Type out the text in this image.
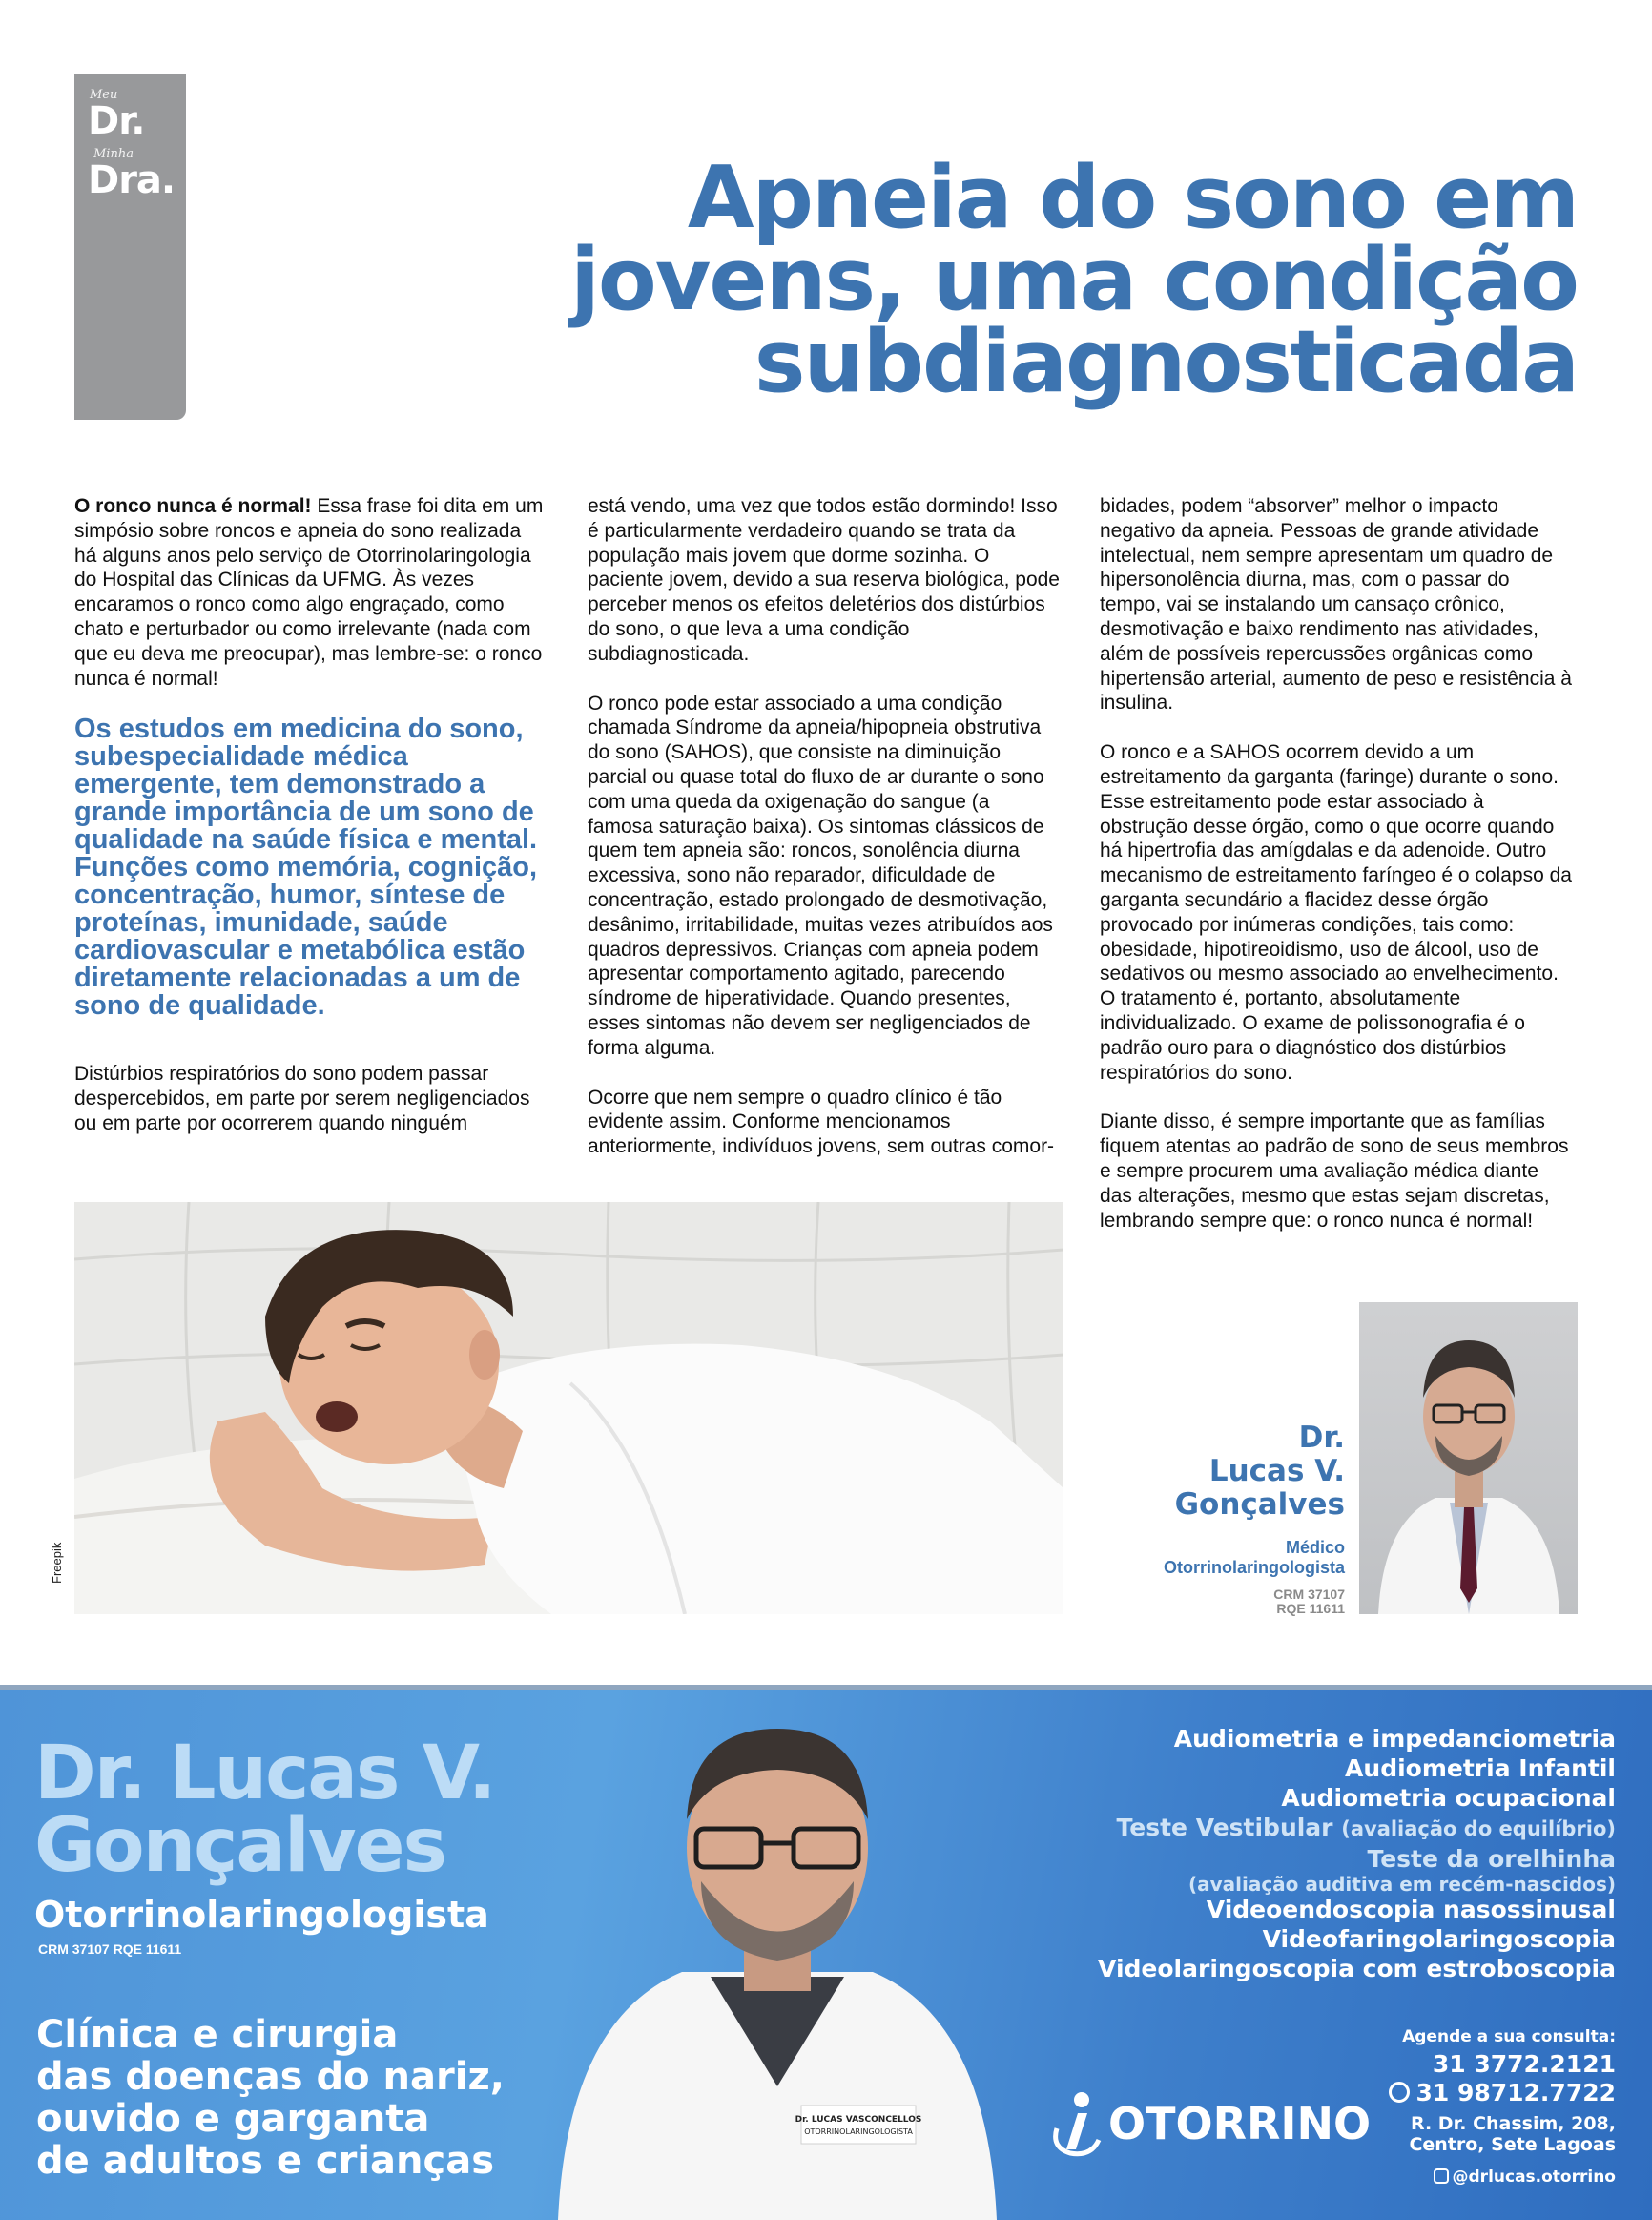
Meu
Dr.
Minha
Dra.	Apneia do sono em
jovens, uma condição
subdiagnosticada

O ronco nunca é normal! Essa frase foi dita em um simpósio sobre roncos e apneia do sono realizada há alguns anos pelo serviço de Otorrinolaringologia do Hospital das Clínicas da UFMG. Às vezes encaramos o ronco como algo engraçado, como chato e perturbador ou como irrelevante (nada com que eu deva me preocupar), mas lembre-se: o ronco nunca é normal!

Os estudos em medicina do sono, subespecialidade médica emergente, tem demonstrado a grande importância de um sono de qualidade na saúde física e mental. Funções como memória, cognição, concentração, humor, síntese de proteínas, imunidade, saúde cardiovascular e metabólica estão diretamente relacionadas a um de sono de qualidade.

Distúrbios respiratórios do sono podem passar despercebidos, em parte por serem negligenciados ou em parte por ocorrerem quando ninguém

está vendo, uma vez que todos estão dormindo! Isso é particularmente verdadeiro quando se trata da população mais jovem que dorme sozinha. O paciente jovem, devido a sua reserva biológica, pode perceber menos os efeitos deletérios dos distúrbios do sono, o que leva a uma condição subdiagnosticada.

O ronco pode estar associado a uma condição chamada Síndrome da apneia/hipopneia obstrutiva do sono (SAHOS), que consiste na diminuição parcial ou quase total do fluxo de ar durante o sono com uma queda da oxigenação do sangue (a famosa saturação baixa). Os sintomas clássicos de quem tem apneia são: roncos, sonolência diurna excessiva, sono não reparador, dificuldade de concentração, estado prolongado de desmotivação, desânimo, irritabilidade, muitas vezes atribuídos aos quadros depressivos. Crianças com apneia podem apresentar comportamento agitado, parecendo síndrome de hiperatividade. Quando presentes, esses sintomas não devem ser negligenciados de forma alguma.

Ocorre que nem sempre o quadro clínico é tão evidente assim. Conforme mencionamos anteriormente, indivíduos jovens, sem outras comor-

bidades, podem “absorver” melhor o impacto negativo da apneia. Pessoas de grande atividade intelectual, nem sempre apresentam um quadro de hipersonolência diurna, mas, com o passar do tempo, vai se instalando um cansaço crônico, desmotivação e baixo rendimento nas atividades, além de possíveis repercussões orgânicas como hipertensão arterial, aumento de peso e resistência à insulina.

O ronco e a SAHOS ocorrem devido a um estreitamento da garganta (faringe) durante o sono. Esse estreitamento pode estar associado à obstrução desse órgão, como o que ocorre quando há hipertrofia das amígdalas e da adenoide. Outro mecanismo de estreitamento faríngeo é o colapso da garganta secundário a flacidez desse órgão provocado por inúmeras condições, tais como: obesidade, hipotireoidismo, uso de álcool, uso de sedativos ou mesmo associado ao envelhecimento. O tratamento é, portanto, absolutamente individualizado. O exame de polissonografia é o padrão ouro para o diagnóstico dos distúrbios respiratórios do sono.

Diante disso, é sempre importante que as famílias fiquem atentas ao padrão de sono de seus membros e sempre procurem uma avaliação médica diante das alterações, mesmo que estas sejam discretas, lembrando sempre que: o ronco nunca é normal!

Freepik
Dr.
Lucas V.
Gonçalves
Médico
Otorrinolaringologista
CRM 37107
RQE 11611
Dr. Lucas V.
Gonçalves
Otorrinolaringologista
CRM 37107 RQE 11611
Clínica e cirurgia
das doenças do nariz,
ouvido e garganta
de adultos e crianças
Dr. LUCAS VASCONCELLOS
OTORRINOLARINGOLOGISTA
Audiometria e impedanciometria
Audiometria Infantil
Audiometria ocupacional
Teste Vestibular (avaliação do equilíbrio)
Teste da orelhinha
(avaliação auditiva em recém-nascidos)
Videoendoscopia nasossinusal
Videofaringolaringoscopia
Videolaringoscopia com estroboscopia
Agende a sua consulta:
31 3772.2121
31 98712.7722
R. Dr. Chassim, 208,
Centro, Sete Lagoas
@drlucas.otorrino
OTORRINO
